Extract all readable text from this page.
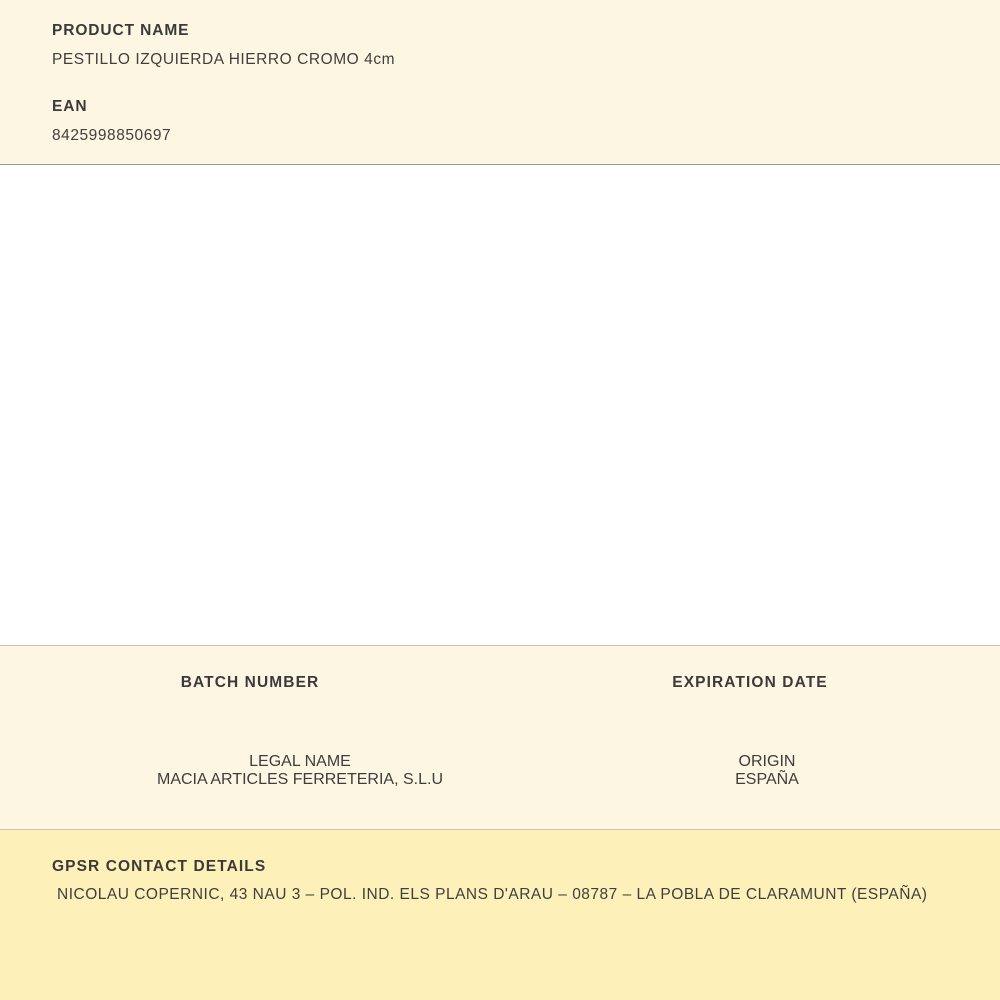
PRODUCT NAME
PESTILLO IZQUIERDA HIERRO CROMO 4cm
EAN
8425998850697
BATCH NUMBER	EXPIRATION DATE
LEGAL NAME
MACIA ARTICLES FERRETERIA, S.L.U
ORIGIN
ESPAÑA
GPSR CONTACT DETAILS
NICOLAU COPERNIC, 43 NAU 3 – POL. IND. ELS PLANS D'ARAU – 08787 – LA POBLA DE CLARAMUNT (ESPAÑA)
